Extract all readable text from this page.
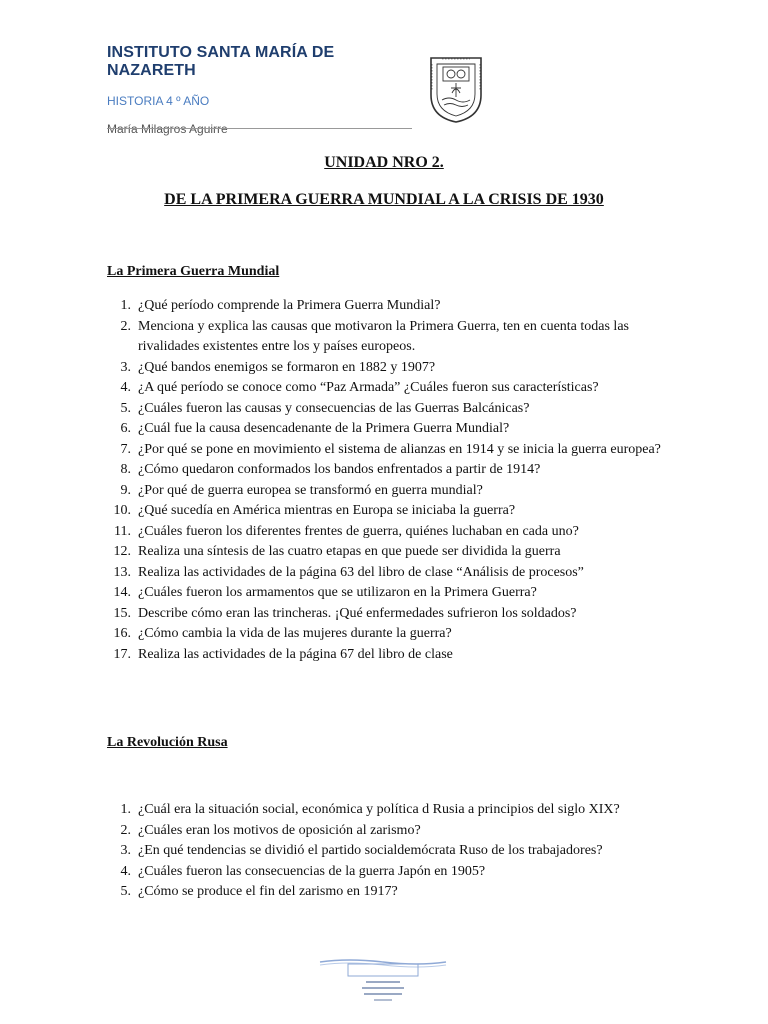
INSTITUTO SANTA MARÍA DE NAZARETH
HISTORIA 4 º AÑO
María Milagros Aguirre
UNIDAD NRO 2.
DE LA PRIMERA GUERRA MUNDIAL A LA CRISIS DE 1930
La Primera Guerra Mundial
1. ¿Qué período comprende la Primera Guerra Mundial?
2. Menciona y explica las causas que motivaron la Primera Guerra, ten en cuenta todas las rivalidades existentes entre los y países europeos.
3. ¿Qué bandos enemigos se formaron en 1882 y 1907?
4. ¿A qué período se conoce como “Paz Armada” ¿Cuáles fueron sus características?
5. ¿Cuáles fueron las causas y consecuencias de las Guerras Balcánicas?
6. ¿Cuál fue la causa desencadenante de la Primera Guerra Mundial?
7. ¿Por qué se pone en movimiento el sistema de alianzas en 1914 y se inicia la guerra europea?
8. ¿Cómo quedaron conformados los bandos enfrentados a partir de 1914?
9. ¿Por qué de guerra europea se transformó en guerra mundial?
10. ¿Qué sucedía en América mientras en Europa se iniciaba la guerra?
11. ¿Cuáles fueron los diferentes frentes de guerra, quiénes luchaban en cada uno?
12. Realiza una síntesis de las cuatro etapas en que puede ser dividida la guerra
13. Realiza las actividades de la página 63 del libro de clase “Análisis de procesos”
14. ¿Cuáles fueron los armamentos que se utilizaron en la Primera Guerra?
15. Describe cómo eran las trincheras. ¡Qué enfermedades sufrieron los soldados?
16. ¿Cómo cambia la vida de las mujeres durante la guerra?
17. Realiza las actividades de la página 67 del libro de clase
La Revolución Rusa
1. ¿Cuál era la situación social, económica y política d Rusia a principios del siglo XIX?
2. ¿Cuáles eran los motivos de oposición al zarismo?
3. ¿En qué tendencias se dividió el partido socialdemócrata Ruso de los trabajadores?
4. ¿Cuáles fueron las consecuencias de la guerra Japón en 1905?
5. ¿Cómo se produce el fin del zarismo en 1917?
